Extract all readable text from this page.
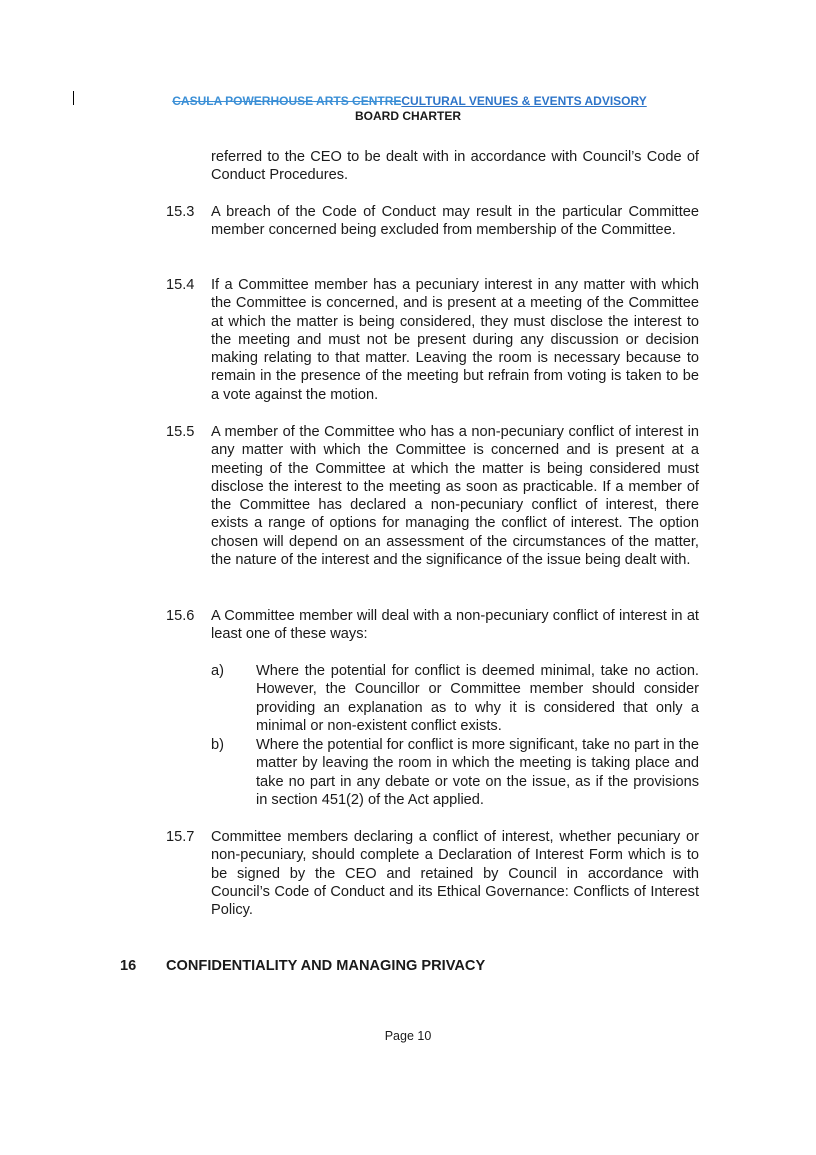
CASULA POWERHOUSE ARTS CENTRECULTURAL VENUES & EVENTS ADVISORY
BOARD CHARTER
referred to the CEO to be dealt with in accordance with Council’s Code of Conduct Procedures.
15.3 A breach of the Code of Conduct may result in the particular Committee member concerned being excluded from membership of the Committee.
15.4 If a Committee member has a pecuniary interest in any matter with which the Committee is concerned, and is present at a meeting of the Committee at which the matter is being considered, they must disclose the interest to the meeting and must not be present during any discussion or decision making relating to that matter. Leaving the room is necessary because to remain in the presence of the meeting but refrain from voting is taken to be a vote against the motion.
15.5 A member of the Committee who has a non-pecuniary conflict of interest in any matter with which the Committee is concerned and is present at a meeting of the Committee at which the matter is being considered must disclose the interest to the meeting as soon as practicable. If a member of the Committee has declared a non-pecuniary conflict of interest, there exists a range of options for managing the conflict of interest. The option chosen will depend on an assessment of the circumstances of the matter, the nature of the interest and the significance of the issue being dealt with.
15.6 A Committee member will deal with a non-pecuniary conflict of interest in at least one of these ways:
a) Where the potential for conflict is deemed minimal, take no action. However, the Councillor or Committee member should consider providing an explanation as to why it is considered that only a minimal or non-existent conflict exists.
b) Where the potential for conflict is more significant, take no part in the matter by leaving the room in which the meeting is taking place and take no part in any debate or vote on the issue, as if the provisions in section 451(2) of the Act applied.
15.7 Committee members declaring a conflict of interest, whether pecuniary or non-pecuniary, should complete a Declaration of Interest Form which is to be signed by the CEO and retained by Council in accordance with Council’s Code of Conduct and its Ethical Governance: Conflicts of Interest Policy.
16 CONFIDENTIALITY AND MANAGING PRIVACY
Page 10
